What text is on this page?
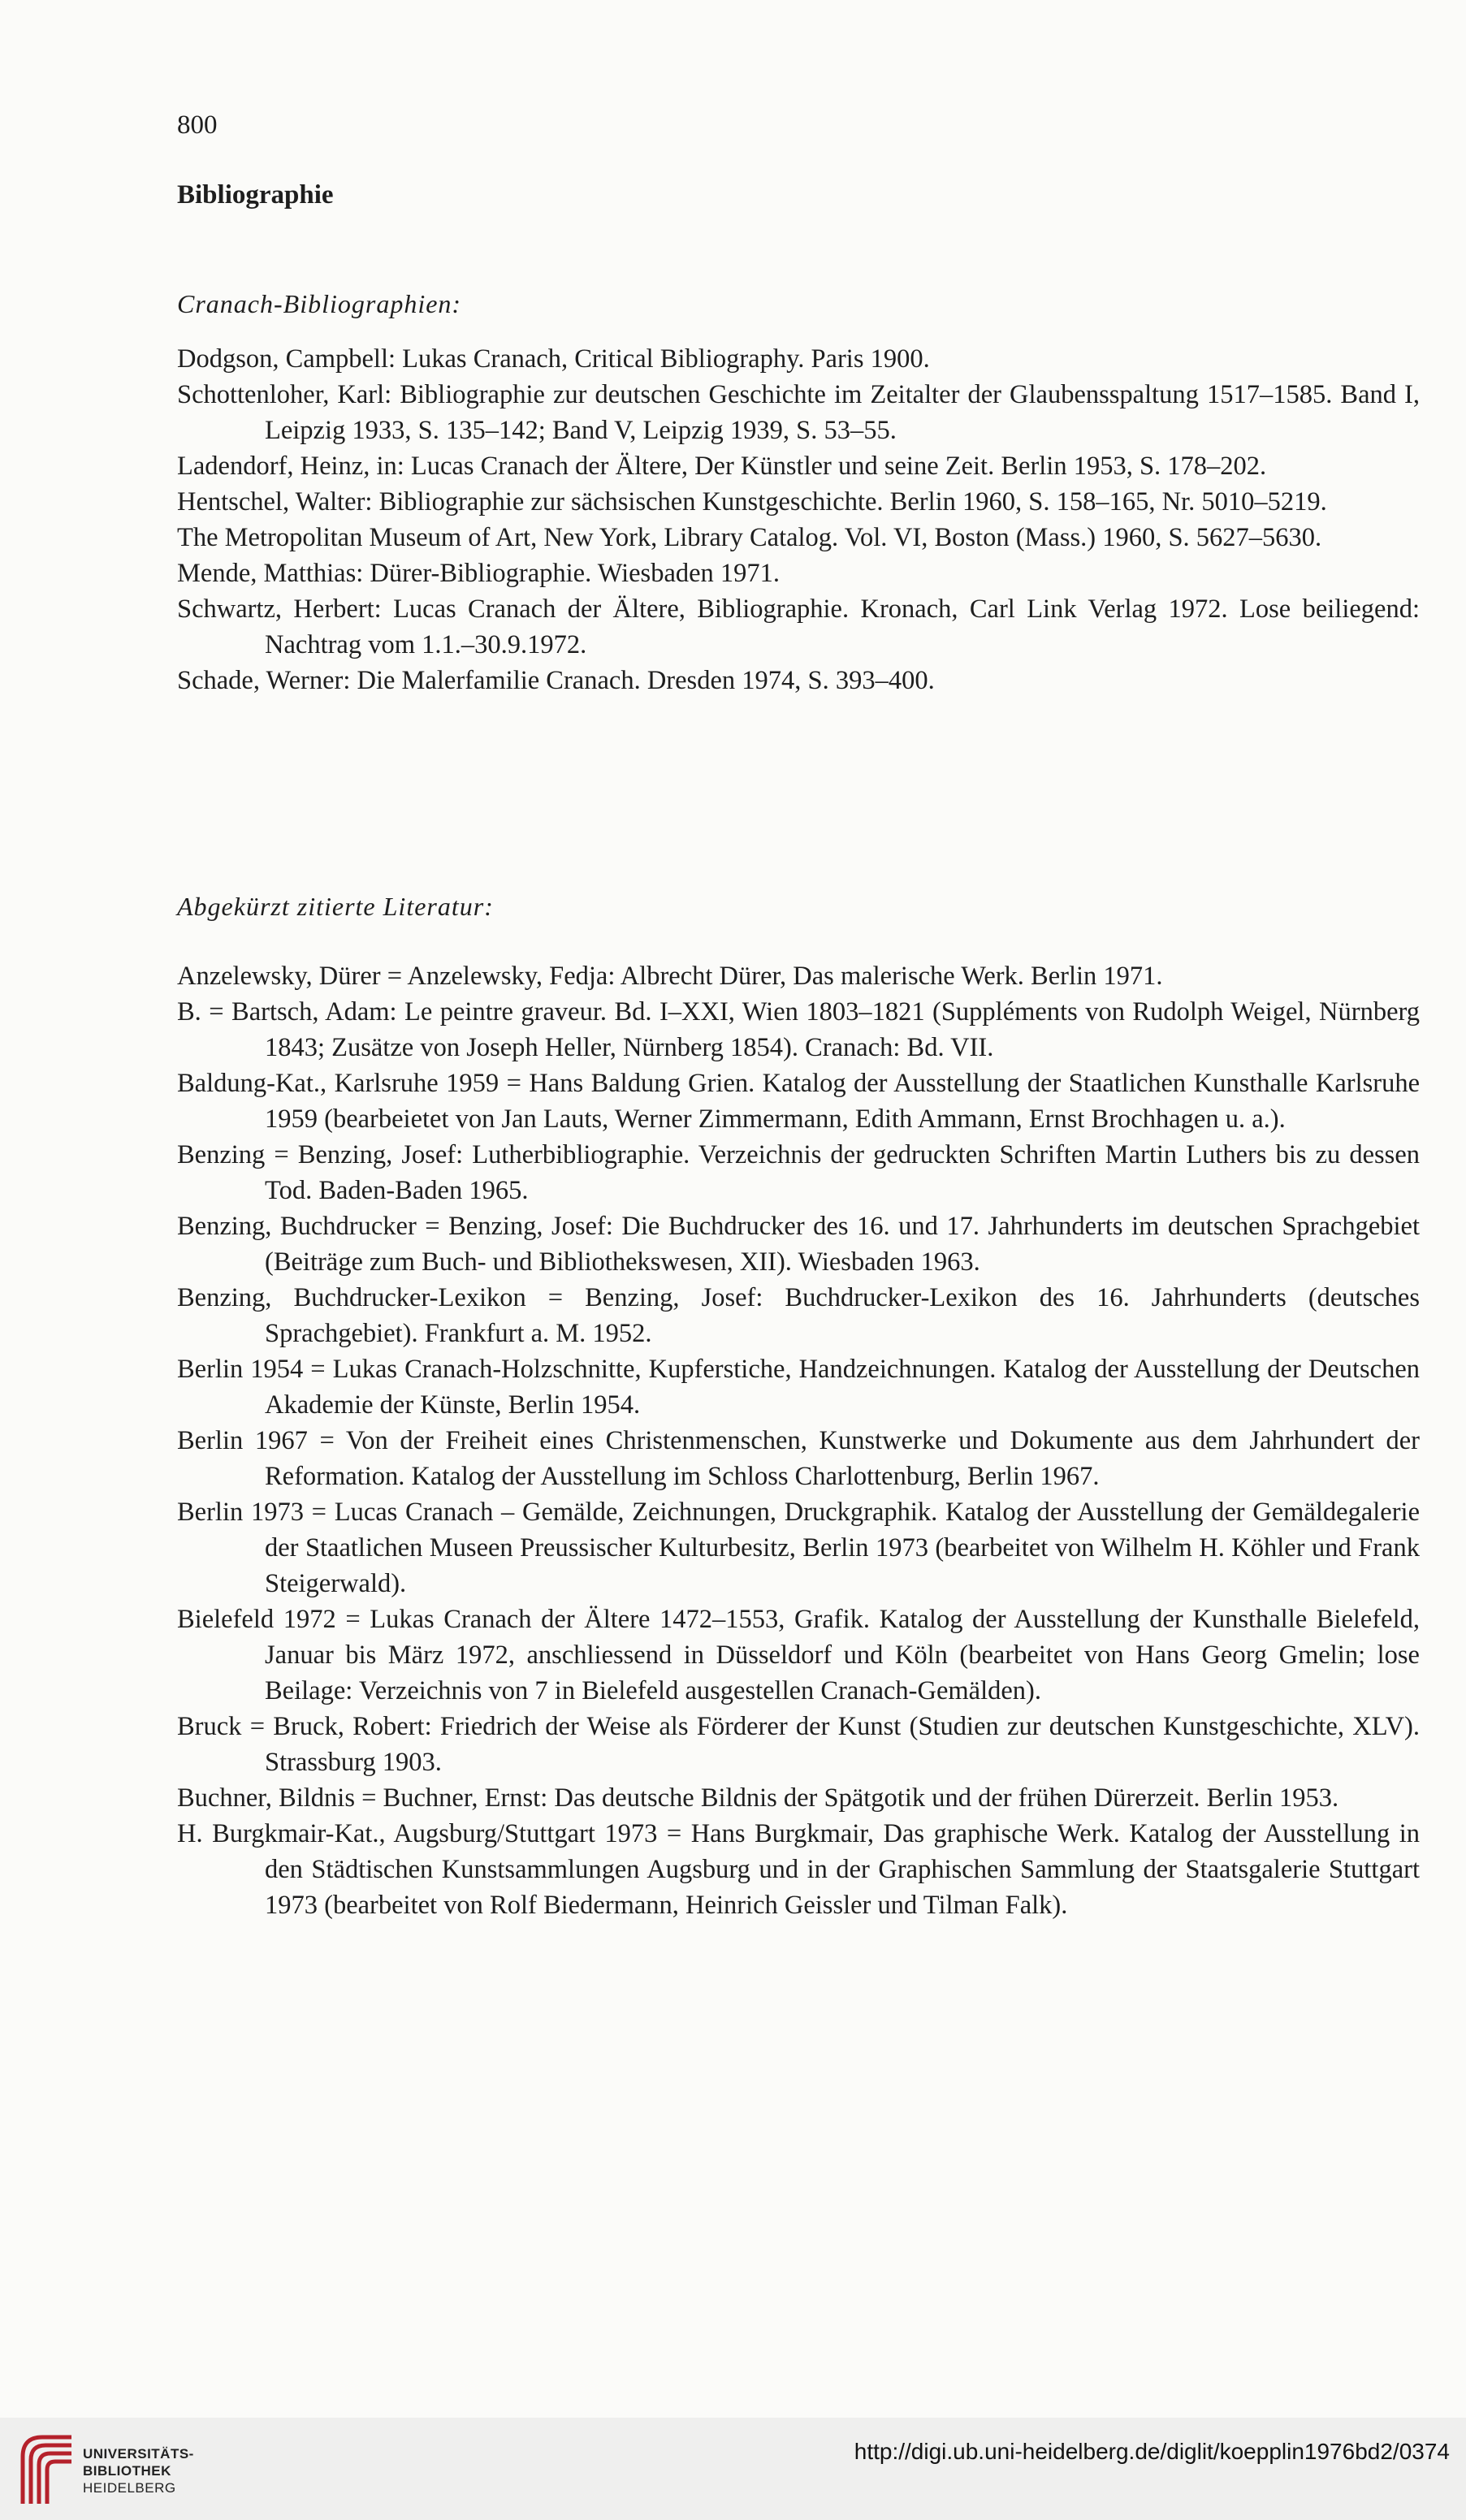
800
Bibliographie
Cranach-Bibliographien:

Dodgson, Campbell: Lukas Cranach, Critical Bibliography. Paris 1900.

Schottenloher, Karl: Bibliographie zur deutschen Geschichte im Zeitalter der Glaubensspaltung 1517–1585. Band I, Leipzig 1933, S. 135–142; Band V, Leipzig 1939, S. 53–55.

Ladendorf, Heinz, in: Lucas Cranach der Ältere, Der Künstler und seine Zeit. Berlin 1953, S. 178–202.

Hentschel, Walter: Bibliographie zur sächsischen Kunstgeschichte. Berlin 1960, S. 158–165, Nr. 5010–5219.

The Metropolitan Museum of Art, New York, Library Catalog. Vol. VI, Boston (Mass.) 1960, S. 5627–5630.

Mende, Matthias: Dürer-Bibliographie. Wiesbaden 1971.

Schwartz, Herbert: Lucas Cranach der Ältere, Bibliographie. Kronach, Carl Link Verlag 1972. Lose beiliegend: Nachtrag vom 1.1.–30.9.1972.

Schade, Werner: Die Malerfamilie Cranach. Dresden 1974, S. 393–400.

Abgekürzt zitierte Literatur:

Anzelewsky, Dürer = Anzelewsky, Fedja: Albrecht Dürer, Das malerische Werk. Berlin 1971.

B. = Bartsch, Adam: Le peintre graveur. Bd. I–XXI, Wien 1803–1821 (Suppléments von Rudolph Weigel, Nürnberg 1843; Zusätze von Joseph Heller, Nürnberg 1854). Cranach: Bd. VII.

Baldung-Kat., Karlsruhe 1959 = Hans Baldung Grien. Katalog der Ausstellung der Staatlichen Kunsthalle Karlsruhe 1959 (bearbeietet von Jan Lauts, Werner Zimmermann, Edith Ammann, Ernst Brochhagen u. a.).

Benzing = Benzing, Josef: Lutherbibliographie. Verzeichnis der gedruckten Schriften Martin Luthers bis zu dessen Tod. Baden-Baden 1965.

Benzing, Buchdrucker = Benzing, Josef: Die Buchdrucker des 16. und 17. Jahrhunderts im deutschen Sprachgebiet (Beiträge zum Buch- und Bibliothekswesen, XII). Wiesbaden 1963.

Benzing, Buchdrucker-Lexikon = Benzing, Josef: Buchdrucker-Lexikon des 16. Jahrhunderts (deutsches Sprachgebiet). Frankfurt a. M. 1952.

Berlin 1954 = Lukas Cranach-Holzschnitte, Kupferstiche, Handzeichnungen. Katalog der Ausstellung der Deutschen Akademie der Künste, Berlin 1954.

Berlin 1967 = Von der Freiheit eines Christenmenschen, Kunstwerke und Dokumente aus dem Jahrhundert der Reformation. Katalog der Ausstellung im Schloss Charlottenburg, Berlin 1967.

Berlin 1973 = Lucas Cranach – Gemälde, Zeichnungen, Druckgraphik. Katalog der Ausstellung der Gemäldegalerie der Staatlichen Museen Preussischer Kulturbesitz, Berlin 1973 (bearbeitet von Wilhelm H. Köhler und Frank Steigerwald).

Bielefeld 1972 = Lukas Cranach der Ältere 1472–1553, Grafik. Katalog der Ausstellung der Kunsthalle Bielefeld, Januar bis März 1972, anschliessend in Düsseldorf und Köln (bearbeitet von Hans Georg Gmelin; lose Beilage: Verzeichnis von 7 in Bielefeld ausgestellen Cranach-Gemälden).

Bruck = Bruck, Robert: Friedrich der Weise als Förderer der Kunst (Studien zur deutschen Kunstgeschichte, XLV). Strassburg 1903.

Buchner, Bildnis = Buchner, Ernst: Das deutsche Bildnis der Spätgotik und der frühen Dürerzeit. Berlin 1953.

H. Burgkmair-Kat., Augsburg/Stuttgart 1973 = Hans Burgkmair, Das graphische Werk. Katalog der Ausstellung in den Städtischen Kunstsammlungen Augsburg und in der Graphischen Sammlung der Staatsgalerie Stuttgart 1973 (bearbeitet von Rolf Biedermann, Heinrich Geissler und Tilman Falk).

UNIVERSITÄTS-
BIBLIOTHEK
HEIDELBERG
http://digi.ub.uni-heidelberg.de/diglit/koepplin1976bd2/0374
